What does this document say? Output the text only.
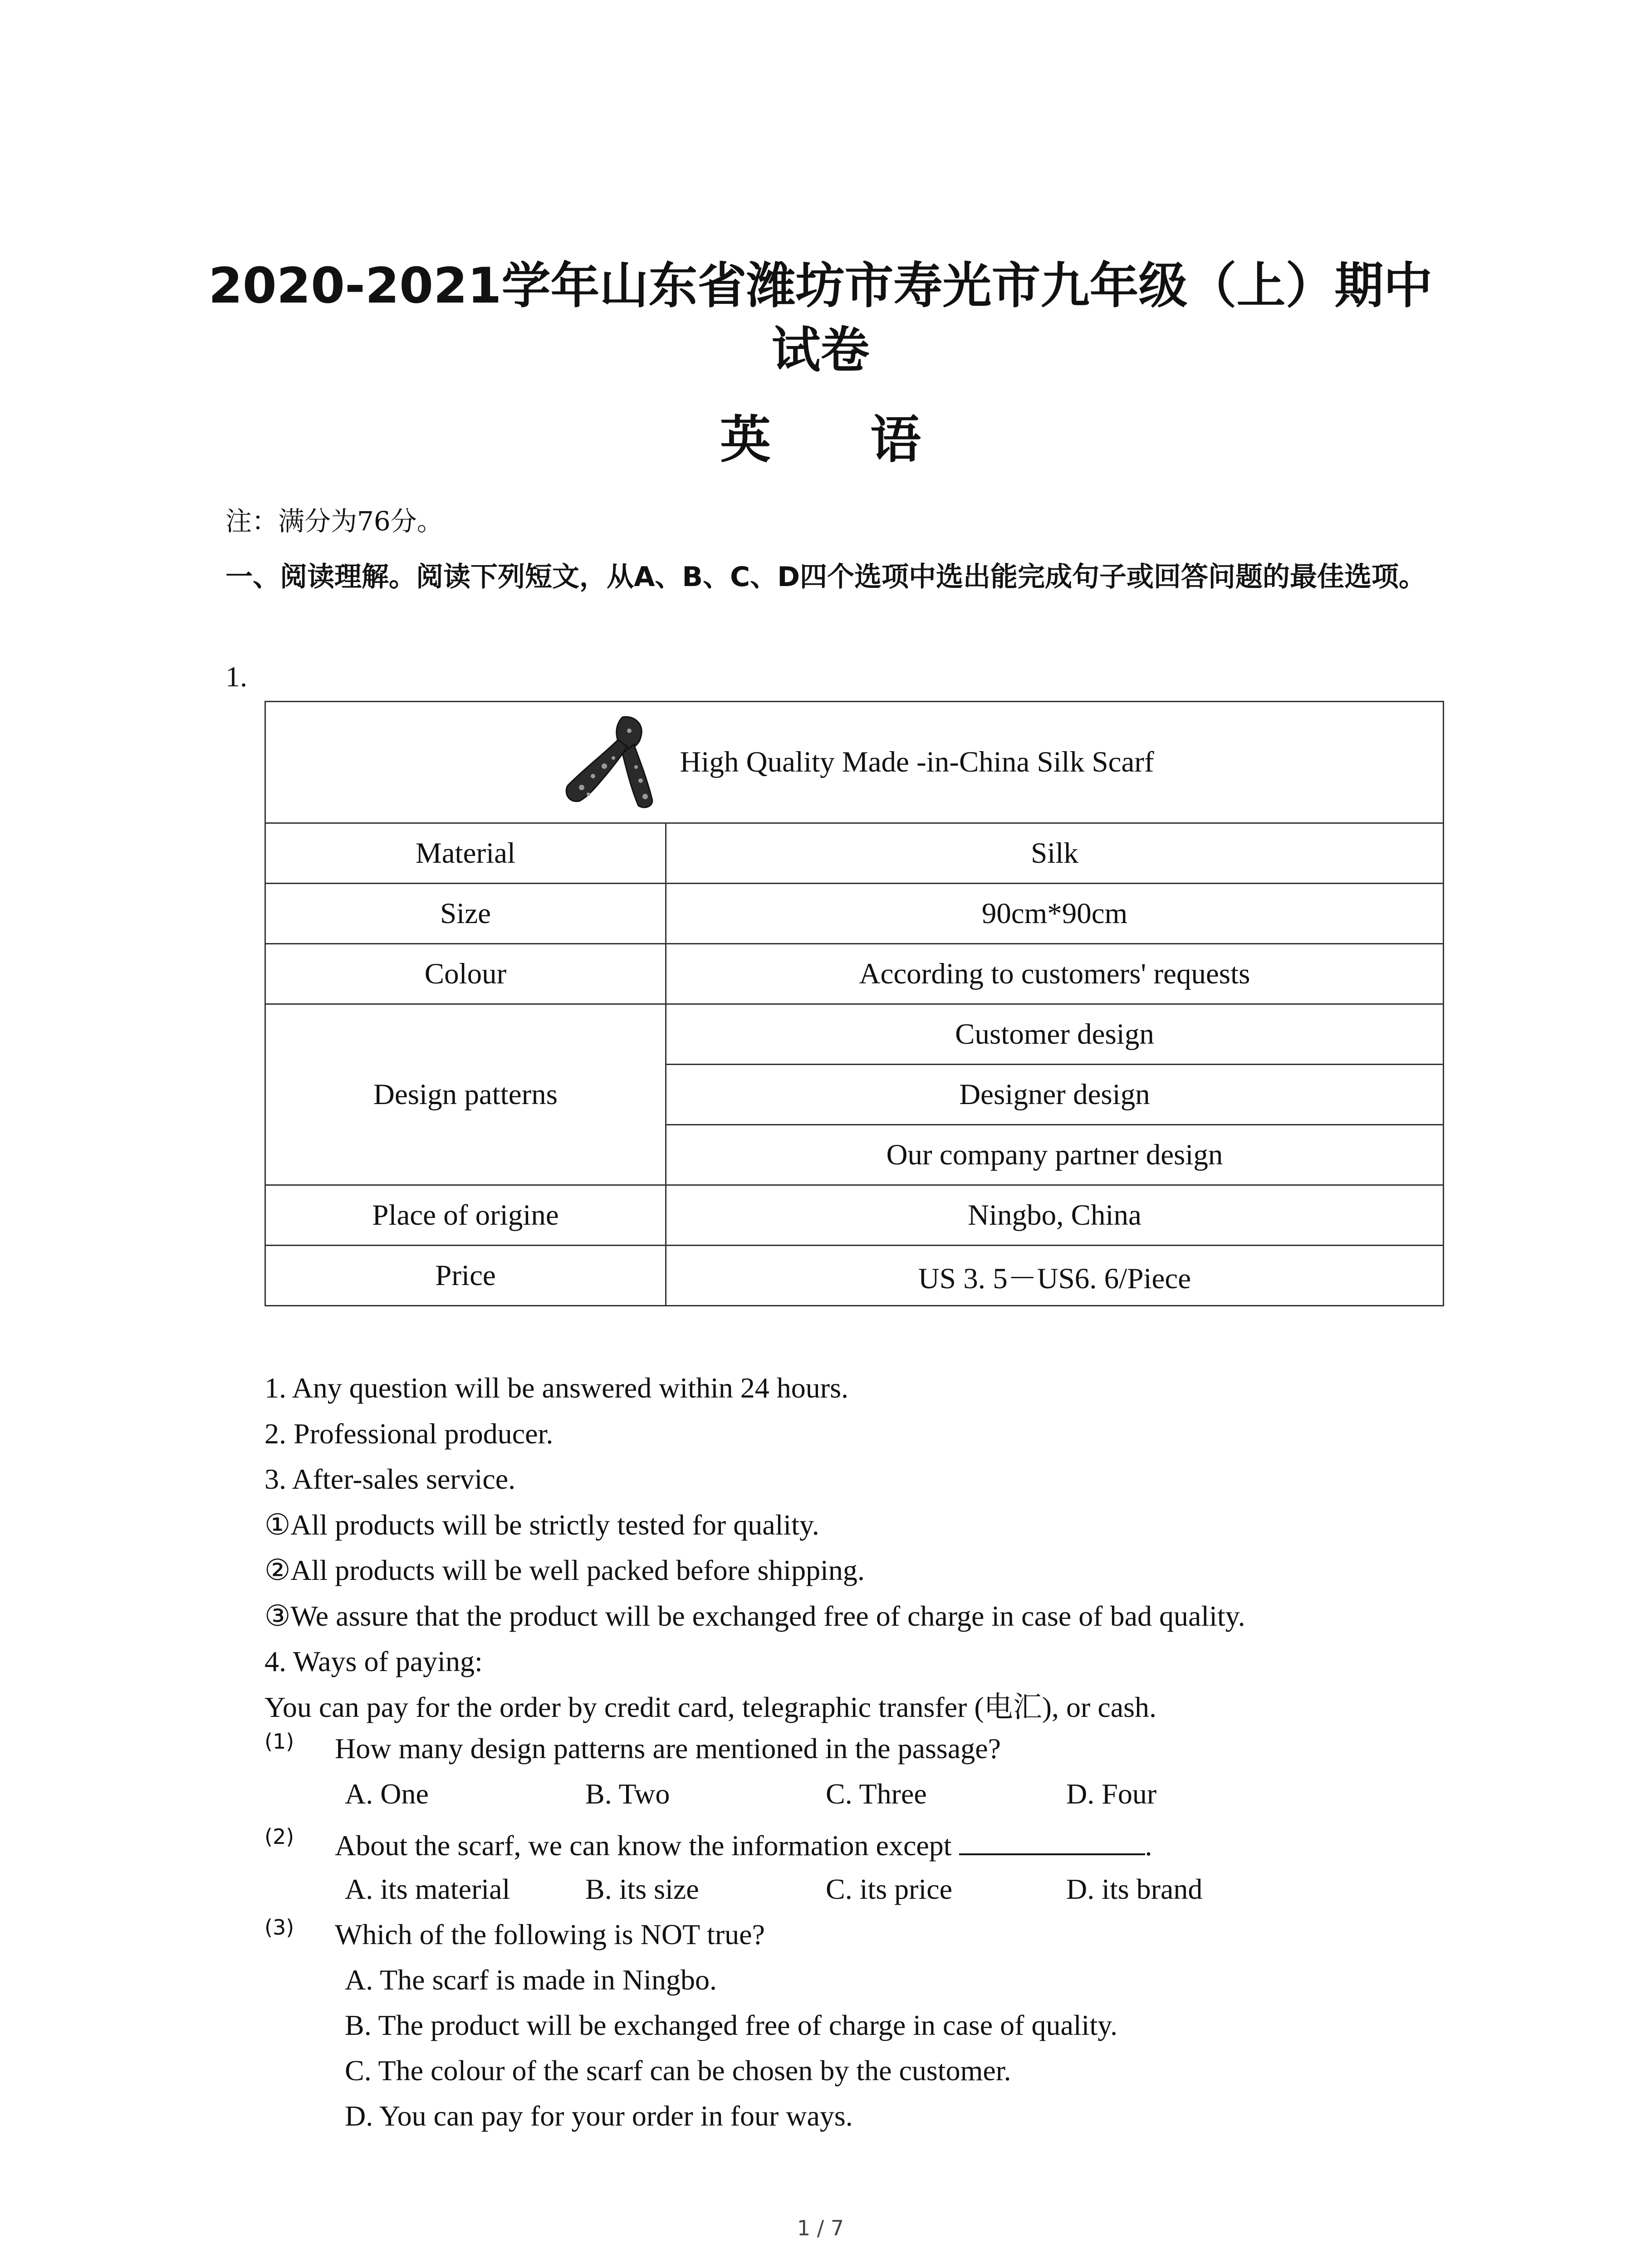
2020-2021学年山东省潍坊市寿光市九年级（上）期中
试卷
英 语
注：满分为76分。
一、阅读理解。阅读下列短文，从A、B、C、D四个选项中选出能完成句子或回答问题的最佳选项。
1.
High Quality Made -in-China Silk Scarf	

Material	Silk
Size	90cm*90cm
Colour	According to customers' requests
Design patterns	Customer design
	Designer design
	Our company partner design
Place of origine	Ningbo, China
Price	US 3. 5－US6. 6/Piece
1. Any question will be answered within 24 hours.
2. Professional producer.
3. After-sales service.
①All products will be strictly tested for quality.
②All products will be well packed before shipping.
③We assure that the product will be exchanged free of charge in case of bad quality.
4. Ways of paying:
You can pay for the order by credit card, telegraphic transfer (电汇), or cash.
(1) How many design patterns are mentioned in the passage?
A. One	B. Two	C. Three	D. Four
(2) About the scarf, we can know the information except	.
A. its material	B. its size	C. its price	D. its brand
(3) Which of the following is NOT true?
A. The scarf is made in Ningbo.
B. The product will be exchanged free of charge in case of quality.
C. The colour of the scarf can be chosen by the customer.
D. You can pay for your order in four ways.
1 / 7
